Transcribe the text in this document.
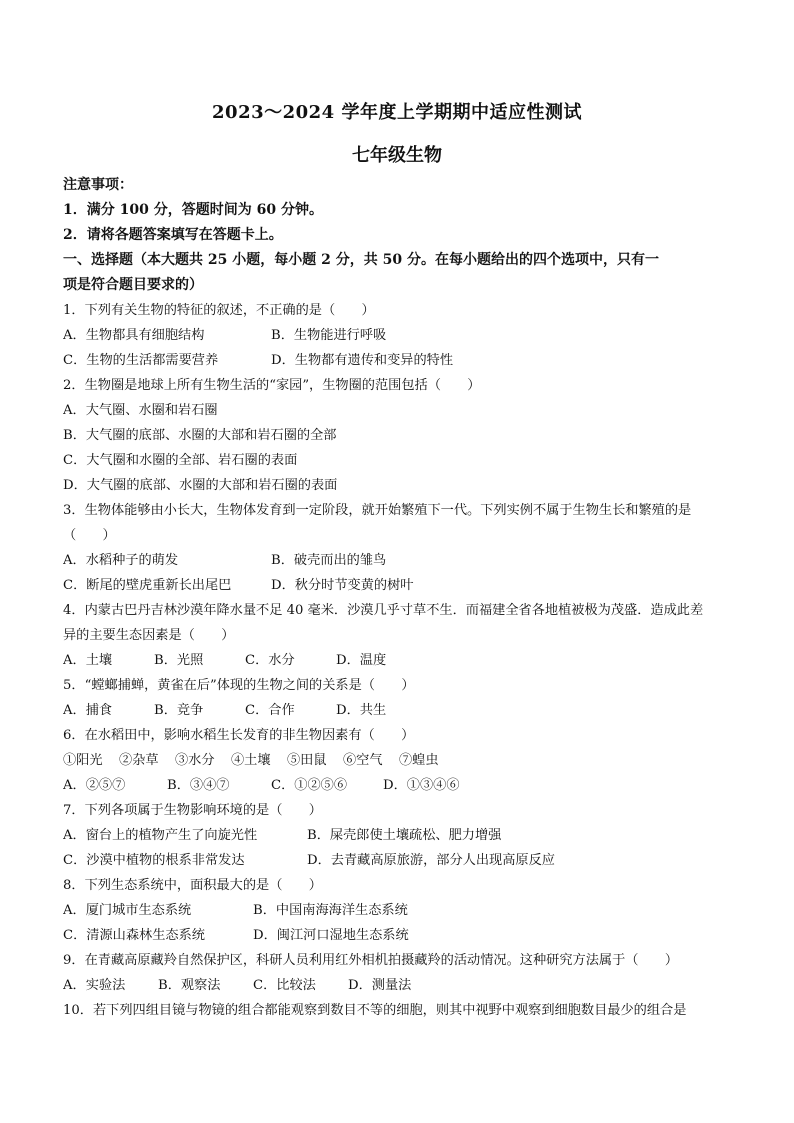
2023～2024 学年度上学期期中适应性测试
七年级生物
注意事项：
1．满分 100 分，答题时间为 60 分钟。
2．请将各题答案填写在答题卡上。
一、选择题（本大题共 25 小题，每小题 2 分，共 50 分。在每小题给出的四个选项中，只有一
项是符合题目要求的）
1．下列有关生物的特征的叙述，不正确的是（　　）
A．生物都具有细胞结构	B．生物能进行呼吸
C．生物的生活都需要营养	D．生物都有遗传和变异的特性
2．生物圈是地球上所有生物生活的“家园”，生物圈的范围包括（　　）
A．大气圈、水圈和岩石圈
B．大气圈的底部、水圈的大部和岩石圈的全部
C．大气圈和水圈的全部、岩石圈的表面
D．大气圈的底部、水圈的大部和岩石圈的表面
3．生物体能够由小长大，生物体发育到一定阶段，就开始繁殖下一代。下列实例不属于生物生长和繁殖的是
（　　）
A．水稻种子的萌发	B．破壳而出的雏鸟
C．断尾的壁虎重新长出尾巴	D．秋分时节变黄的树叶
4．内蒙古巴丹吉林沙漠年降水量不足 40 毫米．沙漠几乎寸草不生．而福建全省各地植被极为茂盛．造成此差
异的主要生态因素是（　　）
A．土壤	B．光照	C．水分	D．温度
5．“螳螂捕蝉，黄雀在后”体现的生物之间的关系是（　　）
A．捕食	B．竞争	C．合作	D．共生
6．在水稻田中，影响水稻生长发育的非生物因素有（　　）
①阳光 ②杂草 ③水分 ④土壤 ⑤田鼠 ⑥空气 ⑦蝗虫
A．②⑤⑦	B．③④⑦	C．①②⑤⑥	D．①③④⑥
7．下列各项属于生物影响环境的是（　　）
A．窗台上的植物产生了向旋光性	B．屎壳郎使土壤疏松、肥力增强
C．沙漠中植物的根系非常发达	D．去青藏高原旅游，部分人出现高原反应
8．下列生态系统中，面积最大的是（　　）
A．厦门城市生态系统	B．中国南海海洋生态系统
C．清源山森林生态系统	D．闽江河口湿地生态系统
9．在青藏高原藏羚自然保护区，科研人员利用红外相机拍摄藏羚的活动情况。这种研究方法属于（　　）
A．实验法 B．观察法 C．比较法 D．测量法
10．若下列四组目镜与物镜的组合都能观察到数目不等的细胞，则其中视野中观察到细胞数目最少的组合是
